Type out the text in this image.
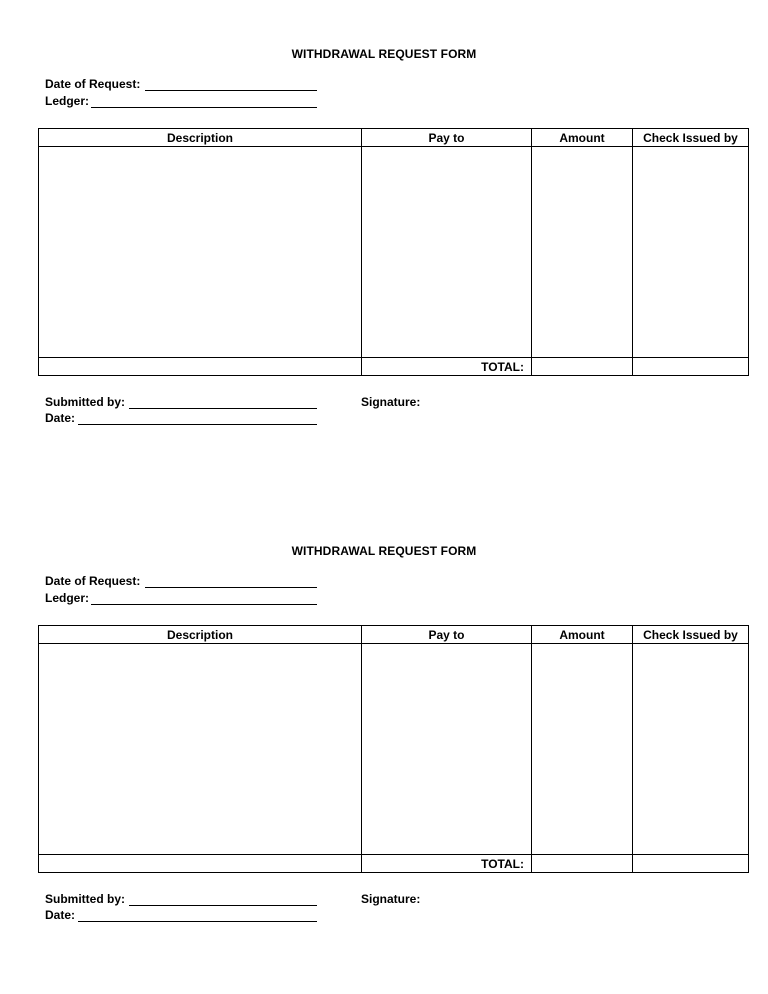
WITHDRAWAL REQUEST FORM
Date of Request:
Ledger:
Description	Pay to	Amount	Check Issued by

	TOTAL:		
Submitted by:
Date:
Signature:
WITHDRAWAL REQUEST FORM
Date of Request:
Ledger:
Description	Pay to	Amount	Check Issued by

	TOTAL:		
Submitted by:
Date:
Signature:
